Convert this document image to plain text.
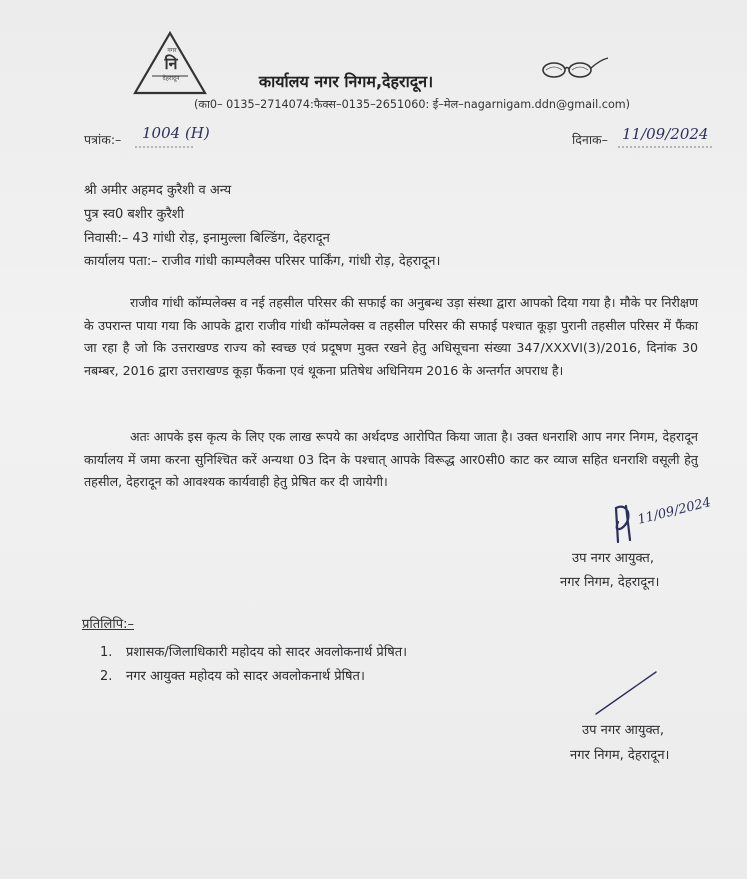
नगर
नि
देहरादून	कार्यालय नगर निगम,देहरादून।
(का0– 0135–2714074:फैक्स–0135–2651060: ई–मेल–nagarnigam.ddn@gmail.com)
पत्रांक:– 1004 (H)	दिनाक– 11/09/2024
श्री अमीर अहमद कुरैशी व अन्य
पुत्र स्व0 बशीर कुरैशी
निवासी:– 43 गांधी रोड़, इनामुल्ला बिल्डिंग, देहरादून
कार्यालय पता:– राजीव गांधी काम्पलैक्स परिसर पार्किंग, गांधी रोड़, देहरादून।

राजीव गांधी कॉम्पलेक्स व नई तहसील परिसर की सफाई का अनुबन्ध उड़ा संस्था द्वारा आपको दिया गया है। मौके पर निरीक्षण के उपरान्त पाया गया कि आपके द्वारा राजीव गांधी कॉम्पलेक्स व तहसील परिसर की सफाई पश्चात कूड़ा पुरानी तहसील परिसर में फैंका जा रहा है जो कि उत्तराखण्ड राज्य को स्वच्छ एवं प्रदूषण मुक्त रखने हेतु अधिसूचना संख्या 347/XXXVI(3)/2016, दिनांक 30 नबम्बर, 2016 द्वारा उत्तराखण्ड कूड़ा फैंकना एवं थूकना प्रतिषेध अधिनियम 2016 के अन्तर्गत अपराध है।

अतः आपके इस कृत्य के लिए एक लाख रूपये का अर्थदण्ड आरोपित किया जाता है। उक्त धनराशि आप नगर निगम, देहरादून कार्यालय में जमा करना सुनिश्चित करें अन्यथा 03 दिन के पश्चात् आपके विरूद्ध आर0सी0 काट कर व्याज सहित धनराशि वसूली हेतु तहसील, देहरादून को आवश्यक कार्यवाही हेतु प्रेषित कर दी जायेगी।

11/09/2024
उप नगर आयुक्त,
नगर निगम, देहरादून।
प्रतिलिपि:–
1. प्रशासक/जिलाधिकारी महोदय को सादर अवलोकनार्थ प्रेषित।
2. नगर आयुक्त महोदय को सादर अवलोकनार्थ प्रेषित।
उप नगर आयुक्त,
नगर निगम, देहरादून।
